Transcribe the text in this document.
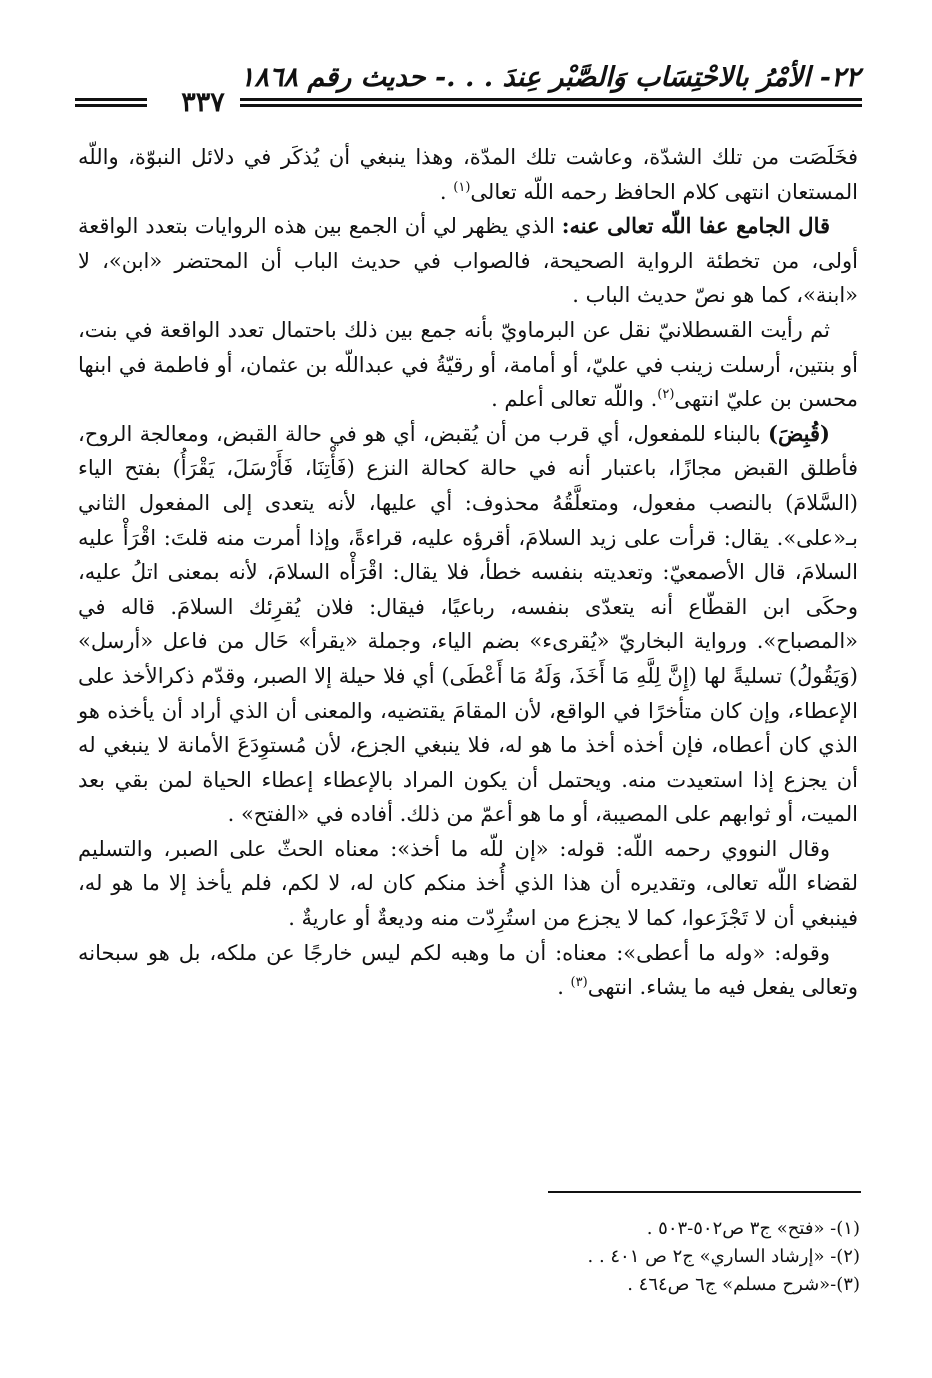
٢٢- الأمْرُ بالاحْتِسَاب وَالصَّبْر عِندَ . . .- حديث رقم ١٨٦٨
٣٣٧

فخَلَصَت من تلك الشدّة، وعاشت تلك المدّة، وهذا ينبغي أن يُذكَر في دلائل النبوّة، واللّه المستعان انتهى كلام الحافظ رحمه اللّه تعالى$^{(١)}$ .

قال الجامع عفا اللّه تعالى عنه: الذي يظهر لي أن الجمع بين هذه الروايات بتعدد الواقعة أولى، من تخطئة الرواية الصحيحة، فالصواب في حديث الباب أن المحتضر «ابن»، لا «ابنة»، كما هو نصّ حديث الباب .

ثم رأيت القسطلانيّ نقل عن البرماويّ بأنه جمع بين ذلك باحتمال تعدد الواقعة في بنت، أو بنتين، أرسلت زينب في عليّ، أو أمامة، أو رقيّةُ في عبداللّه بن عثمان، أو فاطمة في ابنها محسن بن عليّ انتهى$^{(٢)}$. واللّه تعالى أعلم .

(قُبِضَ) بالبناء للمفعول، أي قرب من أن يُقبض، أي هو في حالة القبض، ومعالجة الروح، فأطلق القبض مجازًا، باعتبار أنه في حالة كحالة النزع (فَأْتِنَا، فَأَرْسَلَ، يَقْرَأُ) بفتح الياء (السَّلامَ) بالنصب مفعول، ومتعلَّقُهُ محذوف: أي عليها، لأنه يتعدى إلى المفعول الثاني بـ«على». يقال: قرأت على زيد السلامَ، أقرؤه عليه، قراءةً، وإذا أمرت منه قلتَ: اقْرَأْ عليه السلامَ، قال الأصمعيّ: وتعديته بنفسه خطأ، فلا يقال: اقْرَأْه السلامَ، لأنه بمعنى اتلُ عليه، وحكَى ابن القطّاع أنه يتعدّى بنفسه، رباعيًا، فيقال: فلان يُقرِئك السلامَ. قاله في «المصباح». ورواية البخاريّ «يُقرىء» بضم الياء، وجملة «يقرأ» حَال من فاعل «أرسل» (وَيَقُولُ) تسليةً لها (إِنَّ لِلَّهِ مَا أَخَذَ، وَلَهُ مَا أَعْطَى) أي فلا حيلة إلا الصبر، وقدّم ذكرالأخذ على الإعطاء، وإن كان متأخرًا في الواقع، لأن المقامَ يقتضيه، والمعنى أن الذي أراد أن يأخذه هو الذي كان أعطاه، فإن أخذه أخذ ما هو له، فلا ينبغي الجزع، لأن مُستوِدَعَ الأمانة لا ينبغي له أن يجزع إذا استعيدت منه. ويحتمل أن يكون المراد بالإعطاء إعطاء الحياة لمن بقي بعد الميت، أو ثوابهم على المصيبة، أو ما هو أعمّ من ذلك. أفاده في «الفتح» .

وقال النووي رحمه اللّه: قوله: «إن للّه ما أخذ»: معناه الحثّ على الصبر، والتسليم لقضاء اللّه تعالى، وتقديره أن هذا الذي أُخذ منكم كان له، لا لكم، فلم يأخذ إلا ما هو له، فينبغي أن لا تَجْزَعوا، كما لا يجزع من استُرِدّت منه وديعةٌ أو عاريةٌ .

وقوله: «وله ما أعطى»: معناه: أن ما وهبه لكم ليس خارجًا عن ملكه، بل هو سبحانه وتعالى يفعل فيه ما يشاء. انتهى$^{(٣)}$ .

(١)- «فتح» ج٣ ص٥٠٢-٥٠٣ .

(٢)- «إرشاد الساري» ج٢ ص ٤٠١ . .

(٣)-«شرح مسلم» ج٦ ص٤٦٤ .
